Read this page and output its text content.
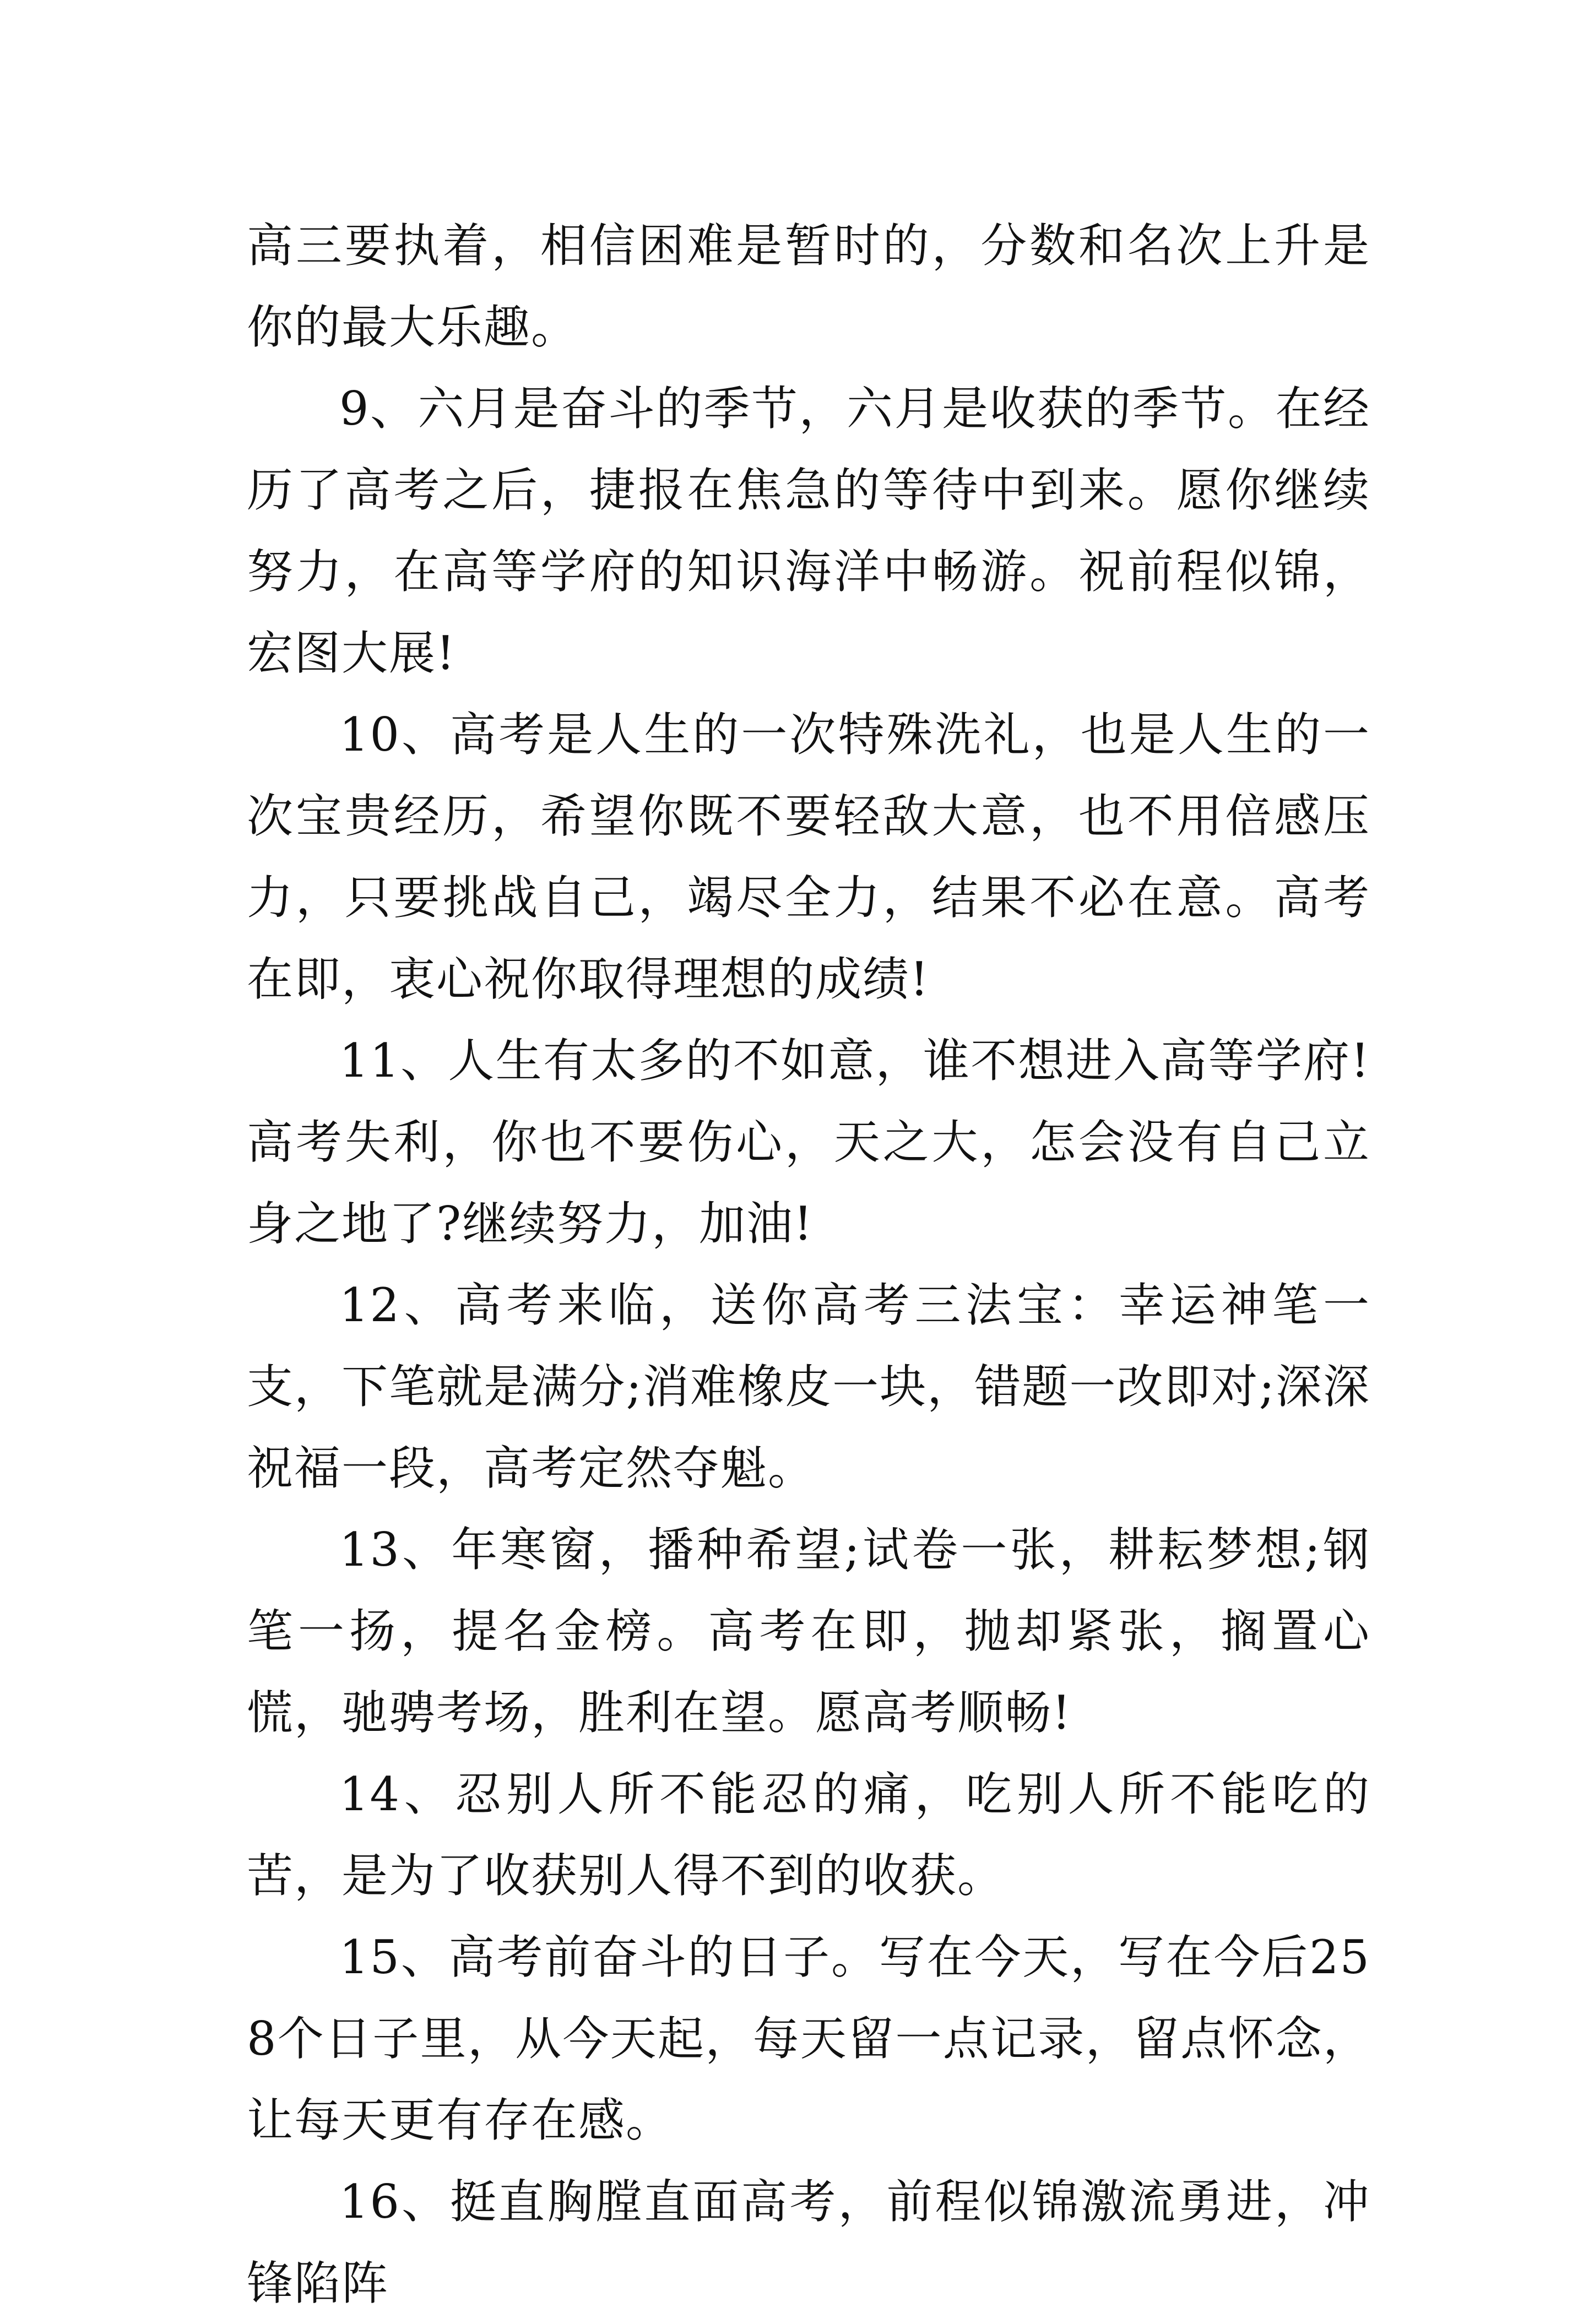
高三要执着，相信困难是暂时的，分数和名次上升是你的最大乐趣。

9、六月是奋斗的季节，六月是收获的季节。在经历了高考之后，捷报在焦急的等待中到来。愿你继续努力，在高等学府的知识海洋中畅游。祝前程似锦，宏图大展!

10、高考是人生的一次特殊洗礼，也是人生的一次宝贵经历，希望你既不要轻敌大意，也不用倍感压力，只要挑战自己，竭尽全力，结果不必在意。高考在即，衷心祝你取得理想的成绩!

11、人生有太多的不如意，谁不想进入高等学府!高考失利，你也不要伤心，天之大，怎会没有自己立身之地了?继续努力，加油!

12、高考来临，送你高考三法宝：幸运神笔一支，下笔就是满分;消难橡皮一块，错题一改即对;深深祝福一段，高考定然夺魁。

13、年寒窗，播种希望;试卷一张，耕耘梦想;钢笔一扬，提名金榜。高考在即，抛却紧张，搁置心慌，驰骋考场，胜利在望。愿高考顺畅!

14、忍别人所不能忍的痛，吃别人所不能吃的苦，是为了收获别人得不到的收获。

15、高考前奋斗的日子。写在今天，写在今后258个日子里，从今天起，每天留一点记录，留点怀念，让每天更有存在感。

16、挺直胸膛直面高考，前程似锦激流勇进，冲锋陷阵
